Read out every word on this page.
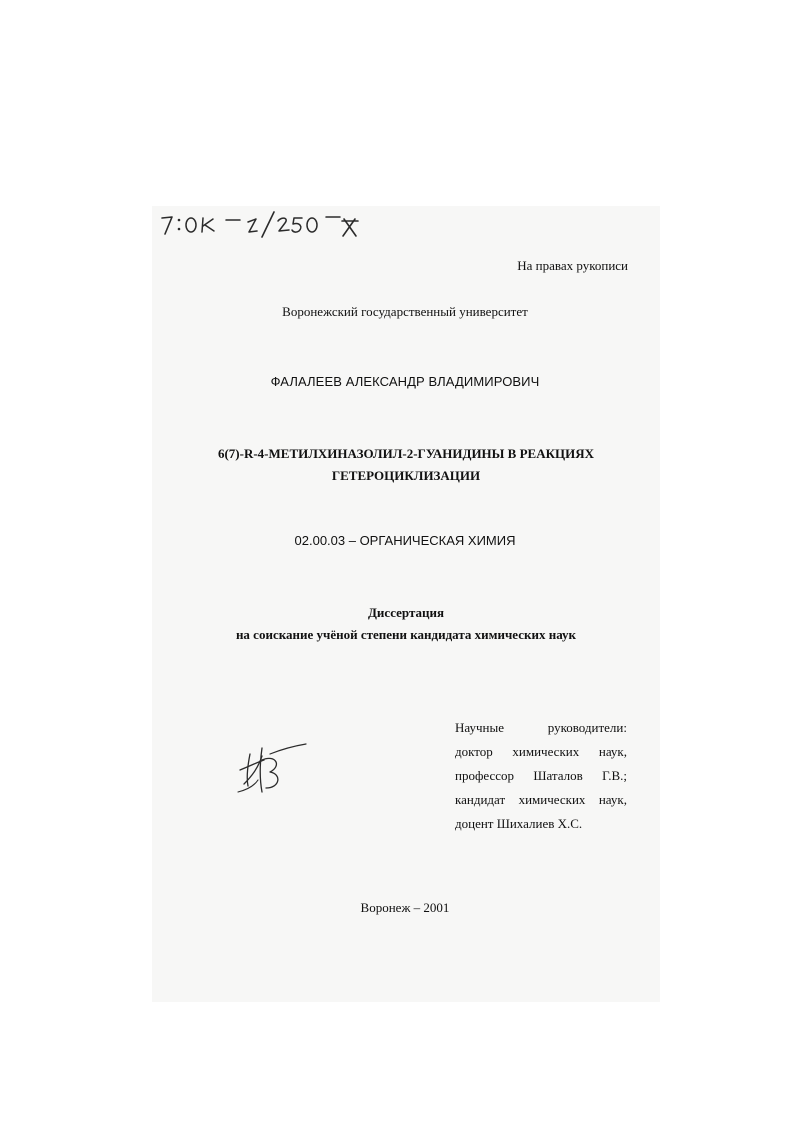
На правах рукописи

Воронежский государственный университет

ФАЛАЛЕЕВ АЛЕКСАНДР ВЛАДИМИРОВИЧ

6(7)-R-4-МЕТИЛХИНАЗОЛИЛ-2-ГУАНИДИНЫ В РЕАКЦИЯХ
ГЕТЕРОЦИКЛИЗАЦИИ

02.00.03 – ОРГАНИЧЕСКАЯ ХИМИЯ

Диссертация
на соискание учёной степени кандидата химических наук

Научные руководители: доктор химических наук, профессор Шаталов Г.В.; кандидат химических наук, доцент Шихалиев Х.С.

Воронеж – 2001
